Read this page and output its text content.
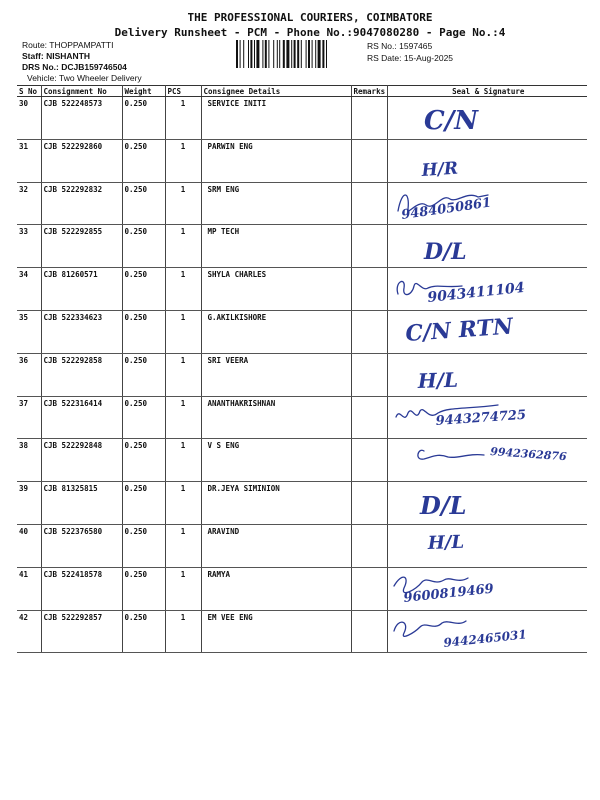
THE PROFESSIONAL COURIERS, COIMBATORE
Delivery Runsheet - PCM - Phone No.:9047080280 - Page No.:4
Route: THOPPAMPATTI
Staff: NISHANTH
DRS No.: DCJB159746504
Vehicle: Two Wheeler Delivery
RS No.: 1597465
RS Date: 15-Aug-2025
S No	Consignment No	Weight	PCS	Consignee Details	Remarks	Seal & Signature
30	CJB 522248573	0.250	1	SERVICE INITI		C/N

31	CJB 522292860	0.250	1	PARWIN ENG		H/R

32	CJB 522292832	0.250	1	SRM ENG		9484050861

33	CJB 522292855	0.250	1	MP TECH		D/L

34	CJB 81260571	0.250	1	SHYLA CHARLES		9043411104

35	CJB 522334623	0.250	1	G.AKILKISHORE		C/N RTN

36	CJB 522292858	0.250	1	SRI VEERA		H/L

37	CJB 522316414	0.250	1	ANANTHAKRISHNAN		9443274725

38	CJB 522292848	0.250	1	V S ENG		9942362876

39	CJB 81325815	0.250	1	DR.JEYA SIMINION		D/L

40	CJB 522376580	0.250	1	ARAVIND		H/L

41	CJB 522418578	0.250	1	RAMYA		9600819469

42	CJB 522292857	0.250	1	EM VEE ENG		9442465031
